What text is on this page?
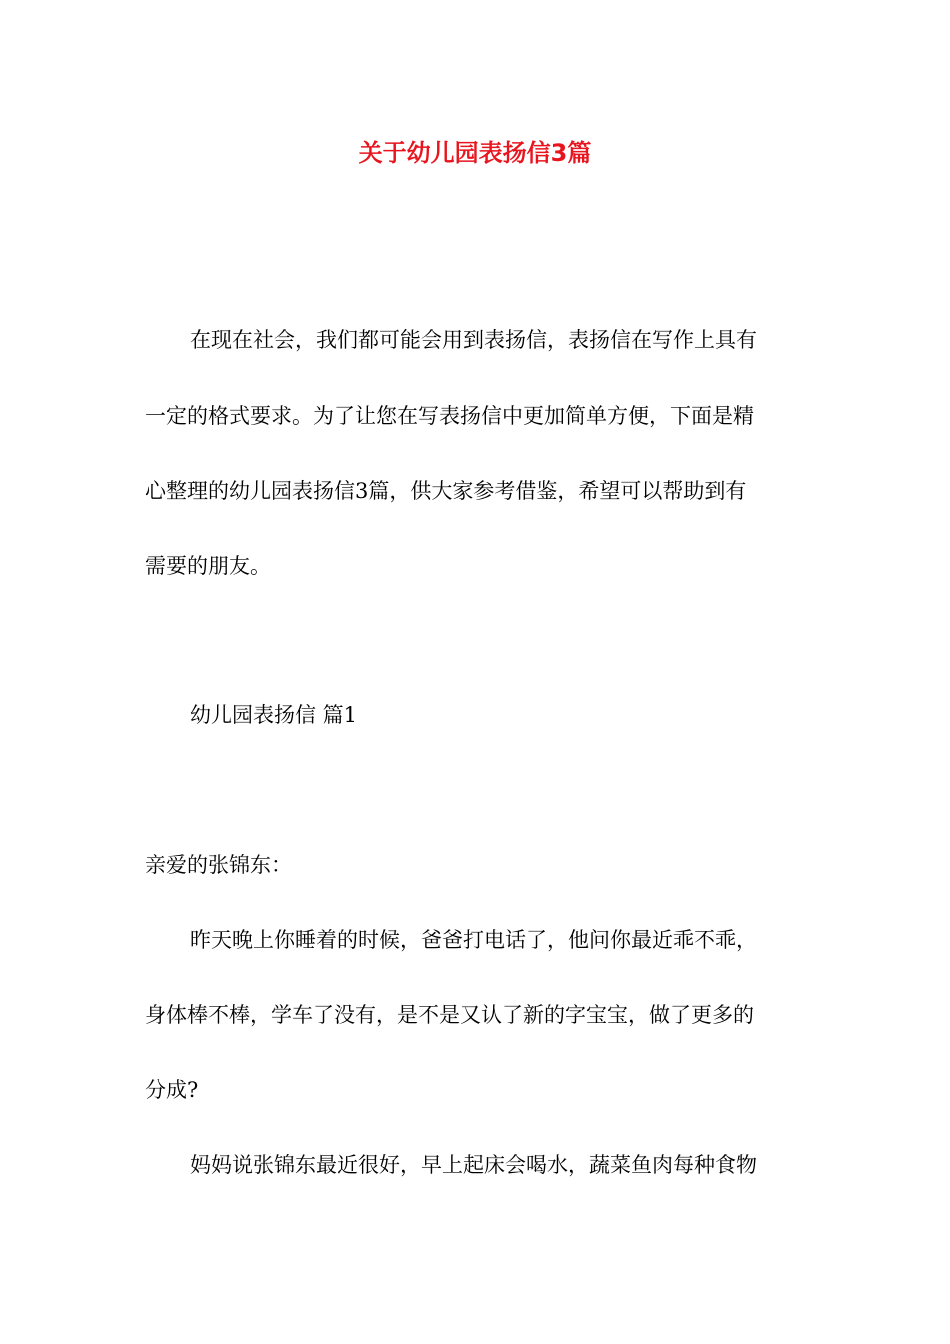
关于幼儿园表扬信3篇
在现在社会，我们都可能会用到表扬信，表扬信在写作上具有
一定的格式要求。为了让您在写表扬信中更加简单方便，下面是精
心整理的幼儿园表扬信3篇，供大家参考借鉴，希望可以帮助到有
需要的朋友。
幼儿园表扬信 篇1
亲爱的张锦东：
昨天晚上你睡着的时候，爸爸打电话了，他问你最近乖不乖，
身体棒不棒，学车了没有，是不是又认了新的字宝宝，做了更多的
分成?
妈妈说张锦东最近很好，早上起床会喝水，蔬菜鱼肉每种食物
